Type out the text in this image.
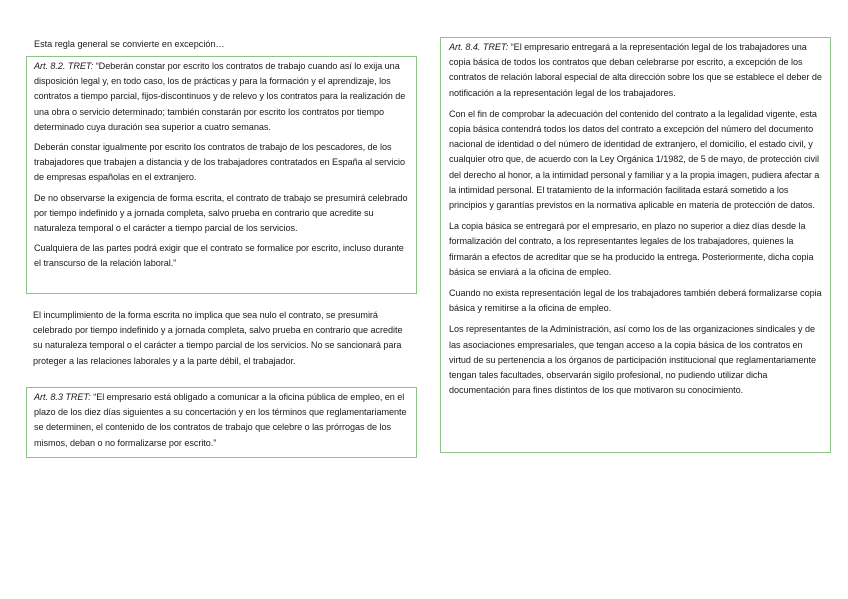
Esta regla general se convierte en excepción…

Art. 8.2. TRET: “Deberán constar por escrito los contratos de trabajo cuando así lo exija una disposición legal y, en todo caso, los de prácticas y para la formación y el aprendizaje, los contratos a tiempo parcial, fijos-discontinuos y de relevo y los contratos para la realización de una obra o servicio determinado; también constarán por escrito los contratos por tiempo determinado cuya duración sea superior a cuatro semanas.

Deberán constar igualmente por escrito los contratos de trabajo de los pescadores, de los trabajadores que trabajen a distancia y de los trabajadores contratados en España al servicio de empresas españolas en el extranjero.

De no observarse la exigencia de forma escrita, el contrato de trabajo se presumirá celebrado por tiempo indefinido y a jornada completa, salvo prueba en contrario que acredite su naturaleza temporal o el carácter a tiempo parcial de los servicios.

Cualquiera de las partes podrá exigir que el contrato se formalice por escrito, incluso durante el transcurso de la relación laboral.”

El incumplimiento de la forma escrita no implica que sea nulo el contrato, se presumirá celebrado por tiempo indefinido y a jornada completa, salvo prueba en contrario que acredite su naturaleza temporal o el carácter a tiempo parcial de los servicios. No se sancionará para proteger a las relaciones laborales y a la parte débil, el trabajador.

Art. 8.3 TRET: “El empresario está obligado a comunicar a la oficina pública de empleo, en el plazo de los diez días siguientes a su concertación y en los términos que reglamentariamente se determinen, el contenido de los contratos de trabajo que celebre o las prórrogas de los mismos, deban o no formalizarse por escrito.”

Art. 8.4. TRET: “El empresario entregará a la representación legal de los trabajadores una copia básica de todos los contratos que deban celebrarse por escrito, a excepción de los contratos de relación laboral especial de alta dirección sobre los que se establece el deber de notificación a la representación legal de los trabajadores.

Con el fin de comprobar la adecuación del contenido del contrato a la legalidad vigente, esta copia básica contendrá todos los datos del contrato a excepción del número del documento nacional de identidad o del número de identidad de extranjero, el domicilio, el estado civil, y cualquier otro que, de acuerdo con la Ley Orgánica 1/1982, de 5 de mayo, de protección civil del derecho al honor, a la intimidad personal y familiar y a la propia imagen, pudiera afectar a la intimidad personal. El tratamiento de la información facilitada estará sometido a los principios y garantías previstos en la normativa aplicable en materia de protección de datos.

La copia básica se entregará por el empresario, en plazo no superior a diez días desde la formalización del contrato, a los representantes legales de los trabajadores, quienes la firmarán a efectos de acreditar que se ha producido la entrega. Posteriormente, dicha copia básica se enviará a la oficina de empleo.

Cuando no exista representación legal de los trabajadores también deberá formalizarse copia básica y remitirse a la oficina de empleo.

Los representantes de la Administración, así como los de las organizaciones sindicales y de las asociaciones empresariales, que tengan acceso a la copia básica de los contratos en virtud de su pertenencia a los órganos de participación institucional que reglamentariamente tengan tales facultades, observarán sigilo profesional, no pudiendo utilizar dicha documentación para fines distintos de los que motivaron su conocimiento.
